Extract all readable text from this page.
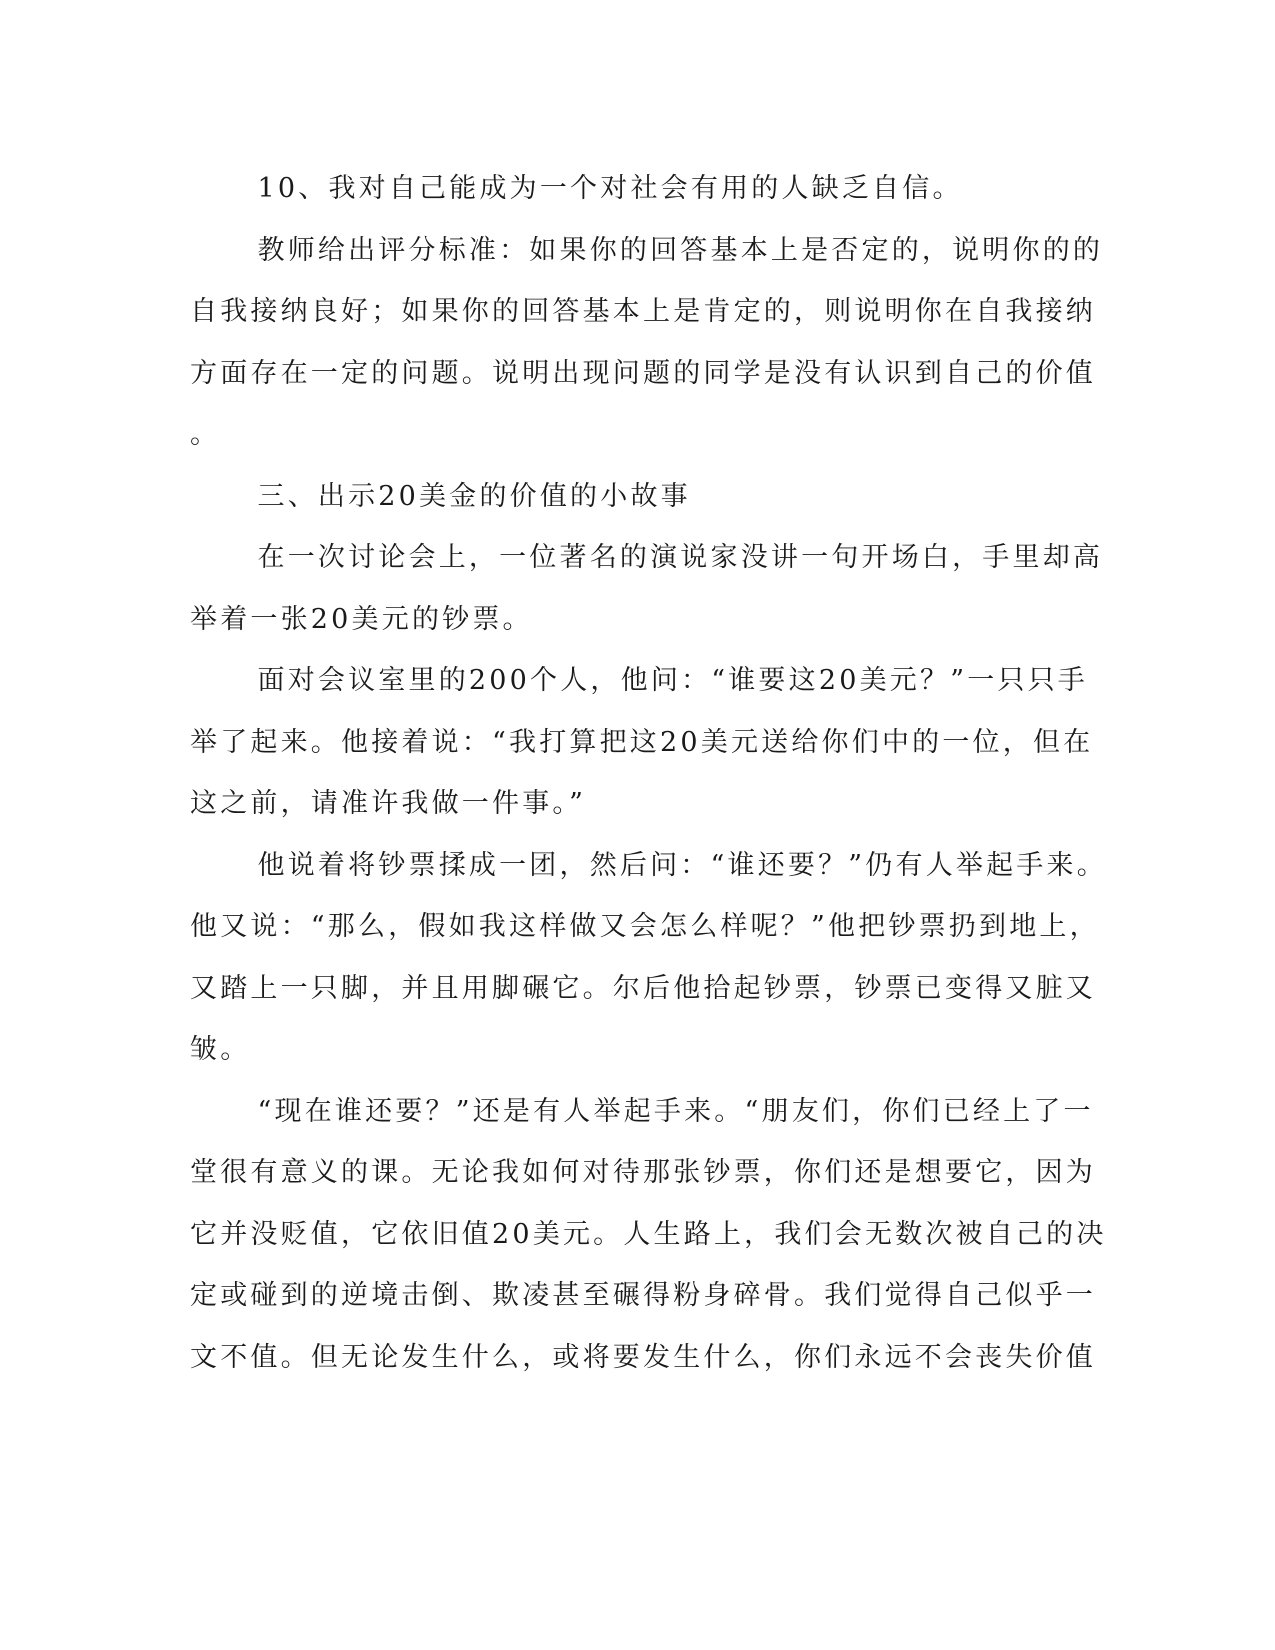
10、我对自己能成为一个对社会有用的人缺乏自信。

教师给出评分标准：如果你的回答基本上是否定的，说明你的的
自我接纳良好；如果你的回答基本上是肯定的，则说明你在自我接纳
方面存在一定的问题。说明出现问题的同学是没有认识到自己的价值
。

三、出示20美金的价值的小故事

在一次讨论会上，一位著名的演说家没讲一句开场白，手里却高
举着一张20美元的钞票。

面对会议室里的200个人，他问：“谁要这20美元？”一只只手
举了起来。他接着说：“我打算把这20美元送给你们中的一位，但在
这之前，请准许我做一件事。”

他说着将钞票揉成一团，然后问：“谁还要？”仍有人举起手来。
他又说：“那么，假如我这样做又会怎么样呢？”他把钞票扔到地上，
又踏上一只脚，并且用脚碾它。尔后他拾起钞票，钞票已变得又脏又
皱。

“现在谁还要？”还是有人举起手来。“朋友们，你们已经上了一
堂很有意义的课。无论我如何对待那张钞票，你们还是想要它，因为
它并没贬值，它依旧值20美元。人生路上，我们会无数次被自己的决
定或碰到的逆境击倒、欺凌甚至碾得粉身碎骨。我们觉得自己似乎一
文不值。但无论发生什么，或将要发生什么，你们永远不会丧失价值
